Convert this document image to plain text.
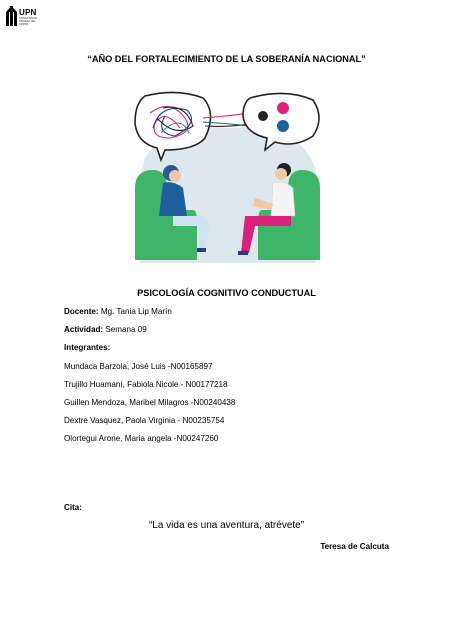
UPN
UNIVERSIDAD PRIVADA DEL NORTE
“AÑO DEL FORTALECIMIENTO DE LA SOBERANÍA NACIONAL”
PSICOLOGÍA COGNITIVO CONDUCTUAL
Docente: Mg. Tania Lip Marín
Actividad: Semana 09
Integrantes:
Mundaca Barzola, José Luis -N00165897
Trujillo Huamaní, Fabiola Nicole - N00177218
Guillen Mendoza, Maribel Milagros -N00240438
Dextre Vasquez, Paola Virginia - N00235754
Olortegui Arone, Maria angela -N00247260
Cita:
“La vida es una aventura, atrévete”
Teresa de Calcuta
